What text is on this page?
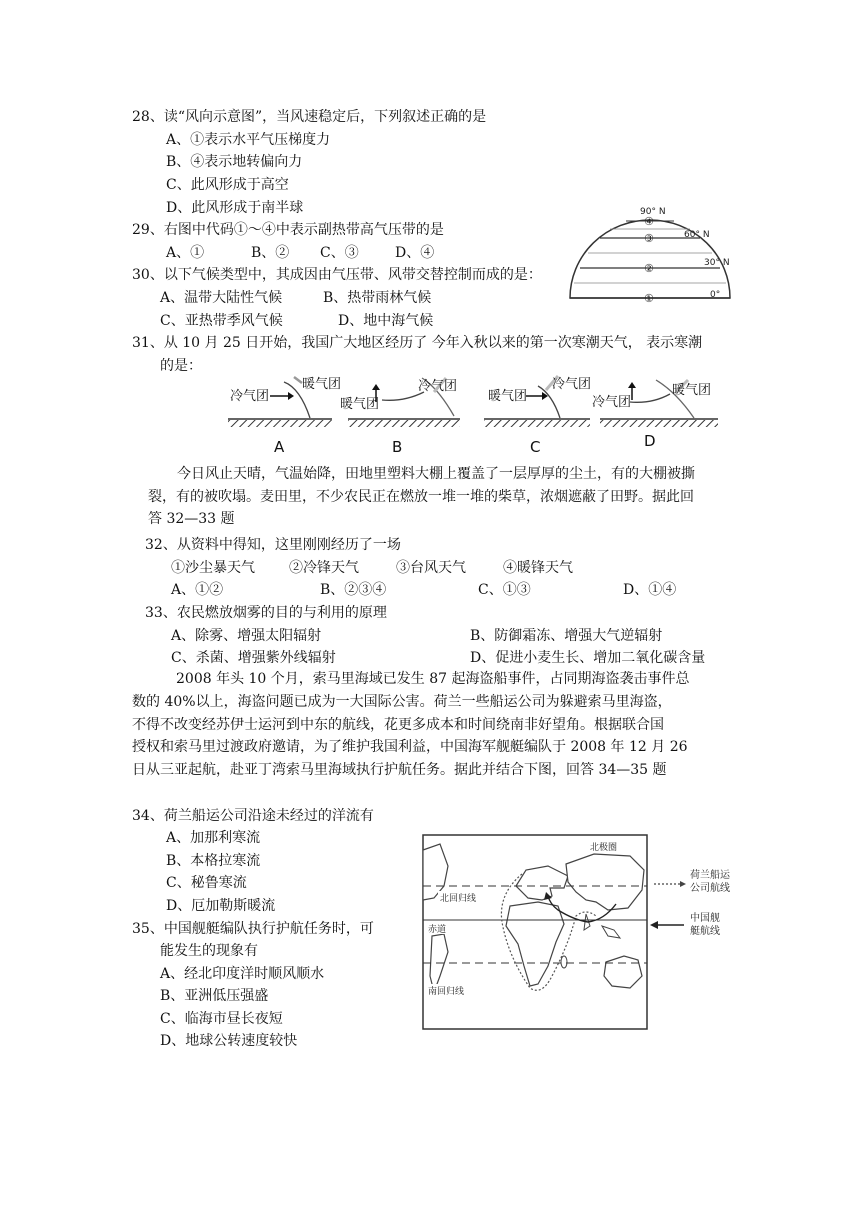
28、读“风向示意图”，当风速稳定后，下列叙述正确的是
A、①表示水平气压梯度力
B、④表示地转偏向力
C、此风形成于高空
D、此风形成于南半球
29、右图中代码①～④中表示副热带高气压带的是
A、①	B、② C、③	D、④
30、以下气候类型中，其成因由气压带、风带交替控制而成的是：
A、温带大陆性气候	B、热带雨林气候
C、亚热带季风气候	D、地中海气候
90° N
60° N
30° N
0°
④
③
②
①
31、从 10 月 25 日开始，我国广大地区经历了 今年入秋以来的第一次寒潮天气， 表示寒潮
的是：
冷气团
暖气团
A
暖气团
冷气团
B
暖气团
冷气团
C
冷气团
暖气团
D
今日风止天晴，气温始降，田地里塑料大棚上覆盖了一层厚厚的尘土，有的大棚被撕
裂，有的被吹塌。麦田里，不少农民正在燃放一堆一堆的柴草，浓烟遮蔽了田野。据此回
答 32—33 题
32、从资料中得知，这里刚刚经历了一场
①沙尘暴天气 ②冷锋天气	③台风天气	④暖锋天气
A、①②	B、②③④	C、①③	D、①④
33、农民燃放烟雾的目的与利用的原理
A、除雾、增强太阳辐射	B、防御霜冻、增强大气逆辐射
C、杀菌、增强紫外线辐射	D、促进小麦生长、增加二氧化碳含量
2008 年头 10 个月，索马里海域已发生 87 起海盗船事件，占同期海盗袭击事件总
数的 40%以上，海盗问题已成为一大国际公害。荷兰一些船运公司为躲避索马里海盗，
不得不改变经苏伊士运河到中东的航线，花更多成本和时间绕南非好望角。根据联合国
授权和索马里过渡政府邀请，为了维护我国利益，中国海军舰艇编队于 2008 年 12 月 26
日从三亚起航，赴亚丁湾索马里海域执行护航任务。据此并结合下图，回答 34—35 题
34、荷兰船运公司沿途未经过的洋流有
A、加那利寒流
B、本格拉寒流
C、秘鲁寒流
D、厄加勒斯暖流
35、中国舰艇编队执行护航任务时，可
能发生的现象有
A、经北印度洋时顺风顺水
B、亚洲低压强盛
C、临海市昼长夜短
D、地球公转速度较快
北极圈
北回归线
赤道
南回归线
荷兰船运
公司航线
中国舰
艇航线
